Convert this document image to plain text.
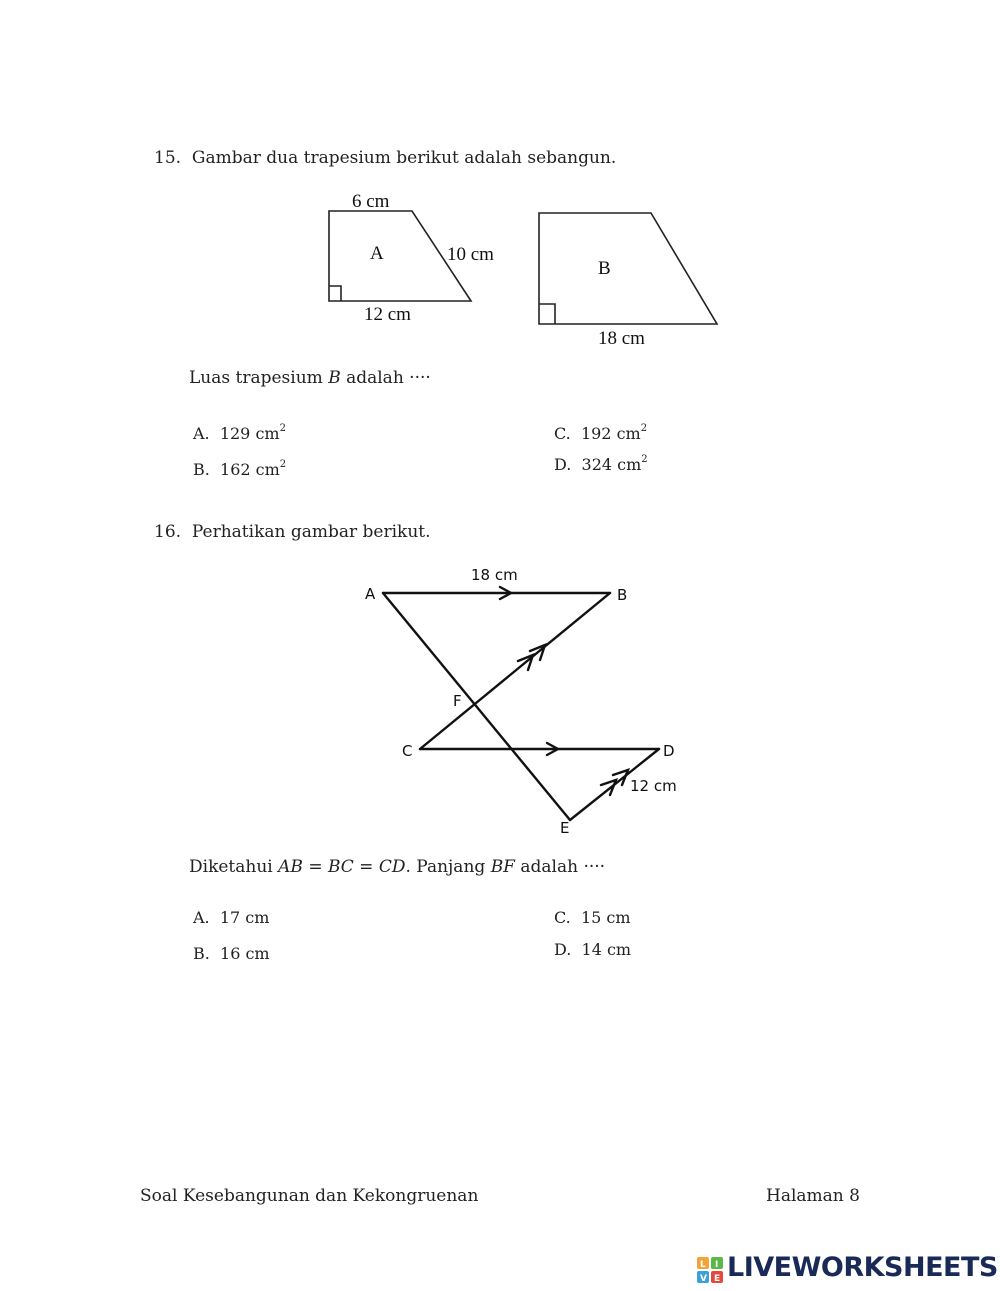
15. Gambar dua trapesium berikut adalah sebangun.
6 cm
A	10 cm
12 cm
B
18 cm
Luas trapesium B adalah ····
A. 129 $cm^2$
B. 162 $cm^2$
C. 192 $cm^2$
D. 324 $cm^2$
16. Perhatikan gambar berikut.
A	B
C	D
E
F
18 cm
12 cm
Diketahui AB = BC = CD. Panjang BF adalah ····
A. 17 cm
B. 16 cm
C. 15 cm
D. 14 cm
Soal Kesebangunan dan Kekongruenan	Halaman 8
L I
V E LIVEWORKSHEETS
